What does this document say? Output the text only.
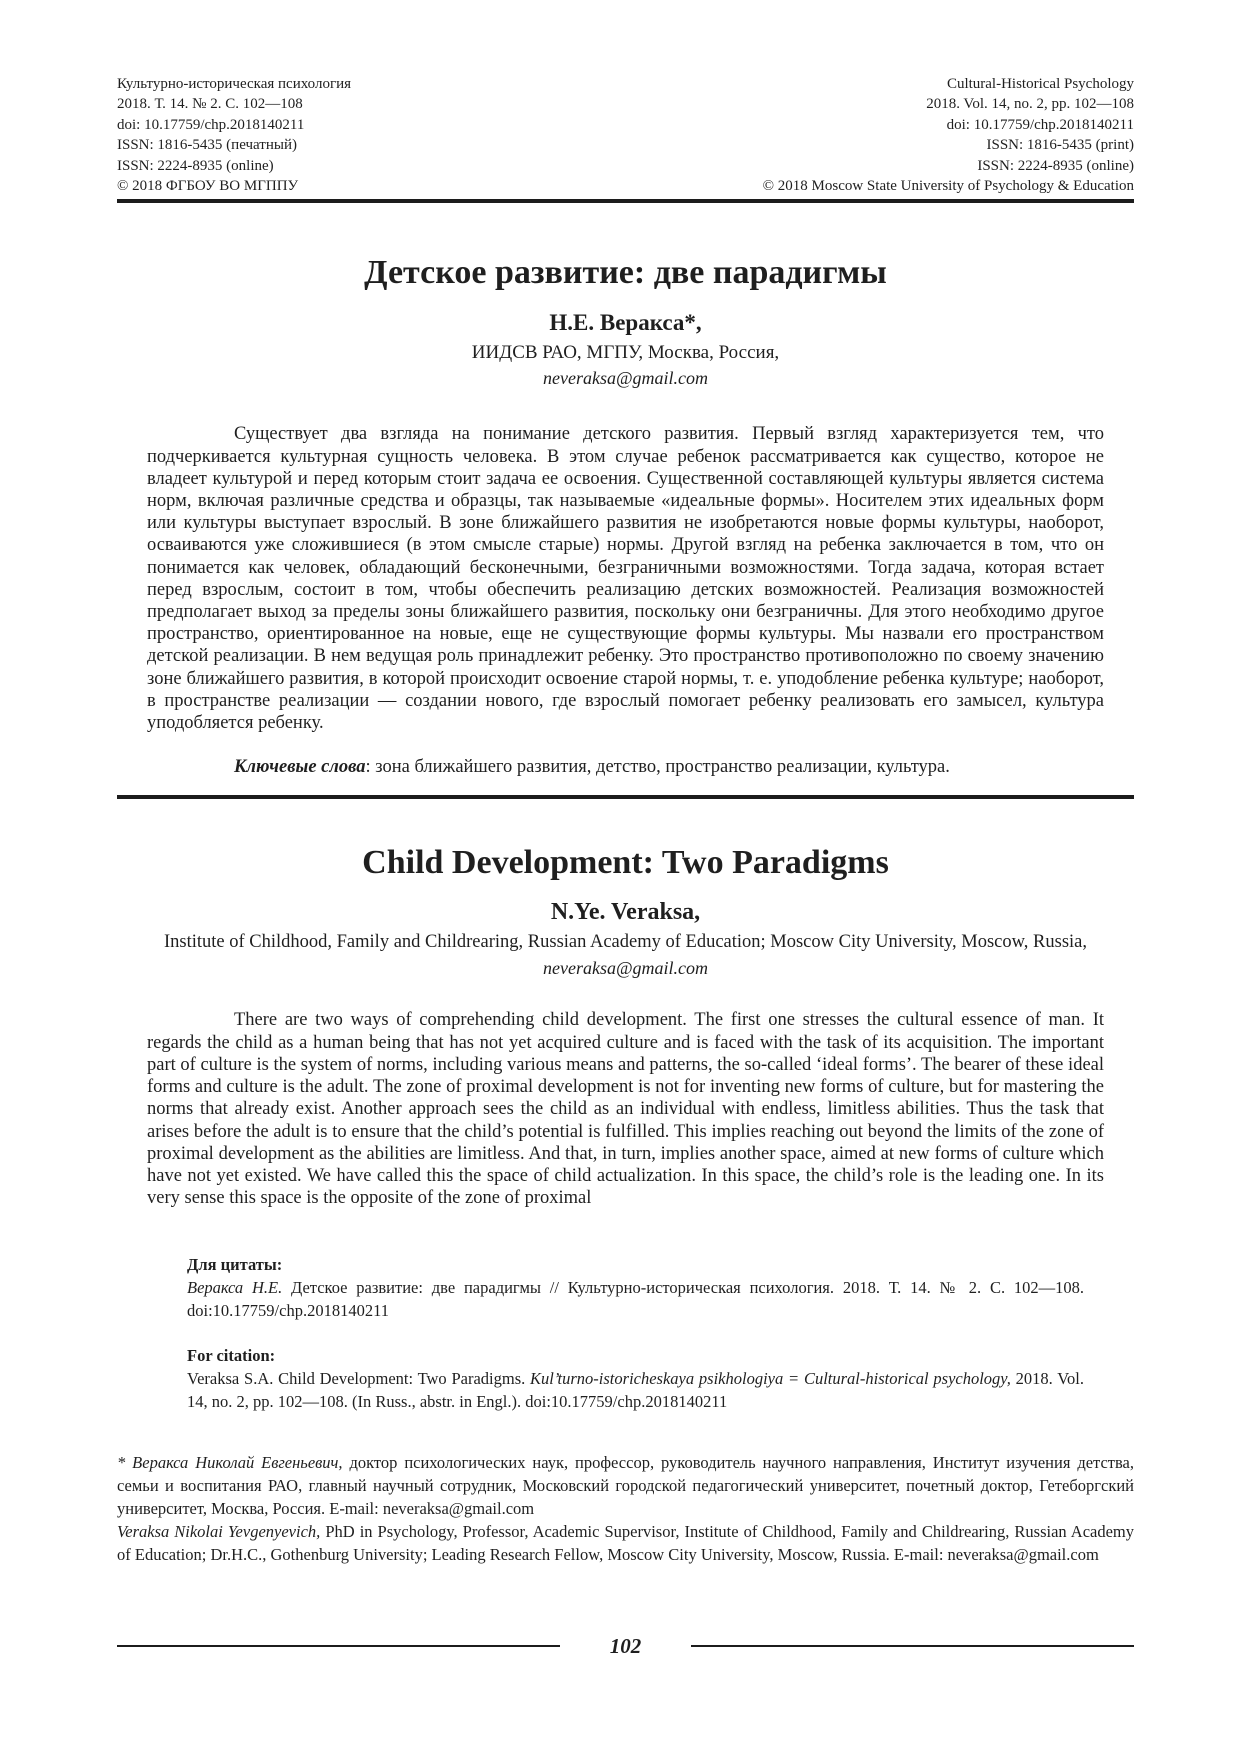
Культурно-историческая психология
2018. Т. 14. № 2. С. 102—108
doi: 10.17759/chp.2018140211
ISSN: 1816-5435 (печатный)
ISSN: 2224-8935 (online)
© 2018 ФГБОУ ВО МГППУ
Cultural-Historical Psychology
2018. Vol. 14, no. 2, pp. 102—108
doi: 10.17759/chp.2018140211
ISSN: 1816-5435 (print)
ISSN: 2224-8935 (online)
© 2018 Moscow State University of Psychology & Education
Детское развитие: две парадигмы
Н.Е. Веракса*,
ИИДСВ РАО, МГПУ, Москва, Россия,
neveraksa@gmail.com
Существует два взгляда на понимание детского развития. Первый взгляд характеризуется тем, что подчеркивается культурная сущность человека. В этом случае ребенок рассматривается как существо, которое не владеет культурой и перед которым стоит задача ее освоения. Существенной составляющей культуры является система норм, включая различные средства и образцы, так называемые «идеальные формы». Носителем этих идеальных форм или культуры выступает взрослый. В зоне ближайшего развития не изобретаются новые формы культуры, наоборот, осваиваются уже сложившиеся (в этом смысле старые) нормы. Другой взгляд на ребенка заключается в том, что он понимается как человек, обладающий бесконечными, безграничными возможностями. Тогда задача, которая встает перед взрослым, состоит в том, чтобы обеспечить реализацию детских возможностей. Реализация возможностей предполагает выход за пределы зоны ближайшего развития, поскольку они безграничны. Для этого необходимо другое пространство, ориентированное на новые, еще не существующие формы культуры. Мы назвали его пространством детской реализации. В нем ведущая роль принадлежит ребенку. Это пространство противоположно по своему значению зоне ближайшего развития, в которой происходит освоение старой нормы, т. е. уподобление ребенка культуре; наоборот, в пространстве реализации — создании нового, где взрослый помогает ребенку реализовать его замысел, культура уподобляется ребенку.
Ключевые слова: зона ближайшего развития, детство, пространство реализации, культура.
Child Development: Two Paradigms
N.Ye. Veraksa,
Institute of Childhood, Family and Childrearing, Russian Academy of Education; Moscow City University, Moscow, Russia,
neveraksa@gmail.com
There are two ways of comprehending child development. The first one stresses the cultural essence of man. It regards the child as a human being that has not yet acquired culture and is faced with the task of its acquisition. The important part of culture is the system of norms, including various means and patterns, the so-called ‘ideal forms’. The bearer of these ideal forms and culture is the adult. The zone of proximal development is not for inventing new forms of culture, but for mastering the norms that already exist. Another approach sees the child as an individual with endless, limitless abilities. Thus the task that arises before the adult is to ensure that the child’s potential is fulfilled. This implies reaching out beyond the limits of the zone of proximal development as the abilities are limitless. And that, in turn, implies another space, aimed at new forms of culture which have not yet existed. We have called this the space of child actualization. In this space, the child’s role is the leading one. In its very sense this space is the opposite of the zone of proximal
Для цитаты:
Веракса Н.Е. Детское развитие: две парадигмы // Культурно-историческая психология. 2018. Т. 14. № 2. С. 102—108. doi:10.17759/chp.2018140211
For citation:
Veraksa S.A. Child Development: Two Paradigms. Kul’turno-istoricheskaya psikhologiya = Cultural-historical psychology, 2018. Vol. 14, no. 2, pp. 102—108. (In Russ., abstr. in Engl.). doi:10.17759/chp.2018140211
* Веракса Николай Евгеньевич, доктор психологических наук, профессор, руководитель научного направления, Институт изучения детства, семьи и воспитания РАО, главный научный сотрудник, Московский городской педагогический университет, почетный доктор, Гетеборгский университет, Москва, Россия. E-mail: neveraksa@gmail.com
Veraksa Nikolai Yevgenyevich, PhD in Psychology, Professor, Academic Supervisor, Institute of Childhood, Family and Childrearing, Russian Academy of Education; Dr.H.C., Gothenburg University; Leading Research Fellow, Moscow City University, Moscow, Russia. E-mail: neveraksa@gmail.com
102
